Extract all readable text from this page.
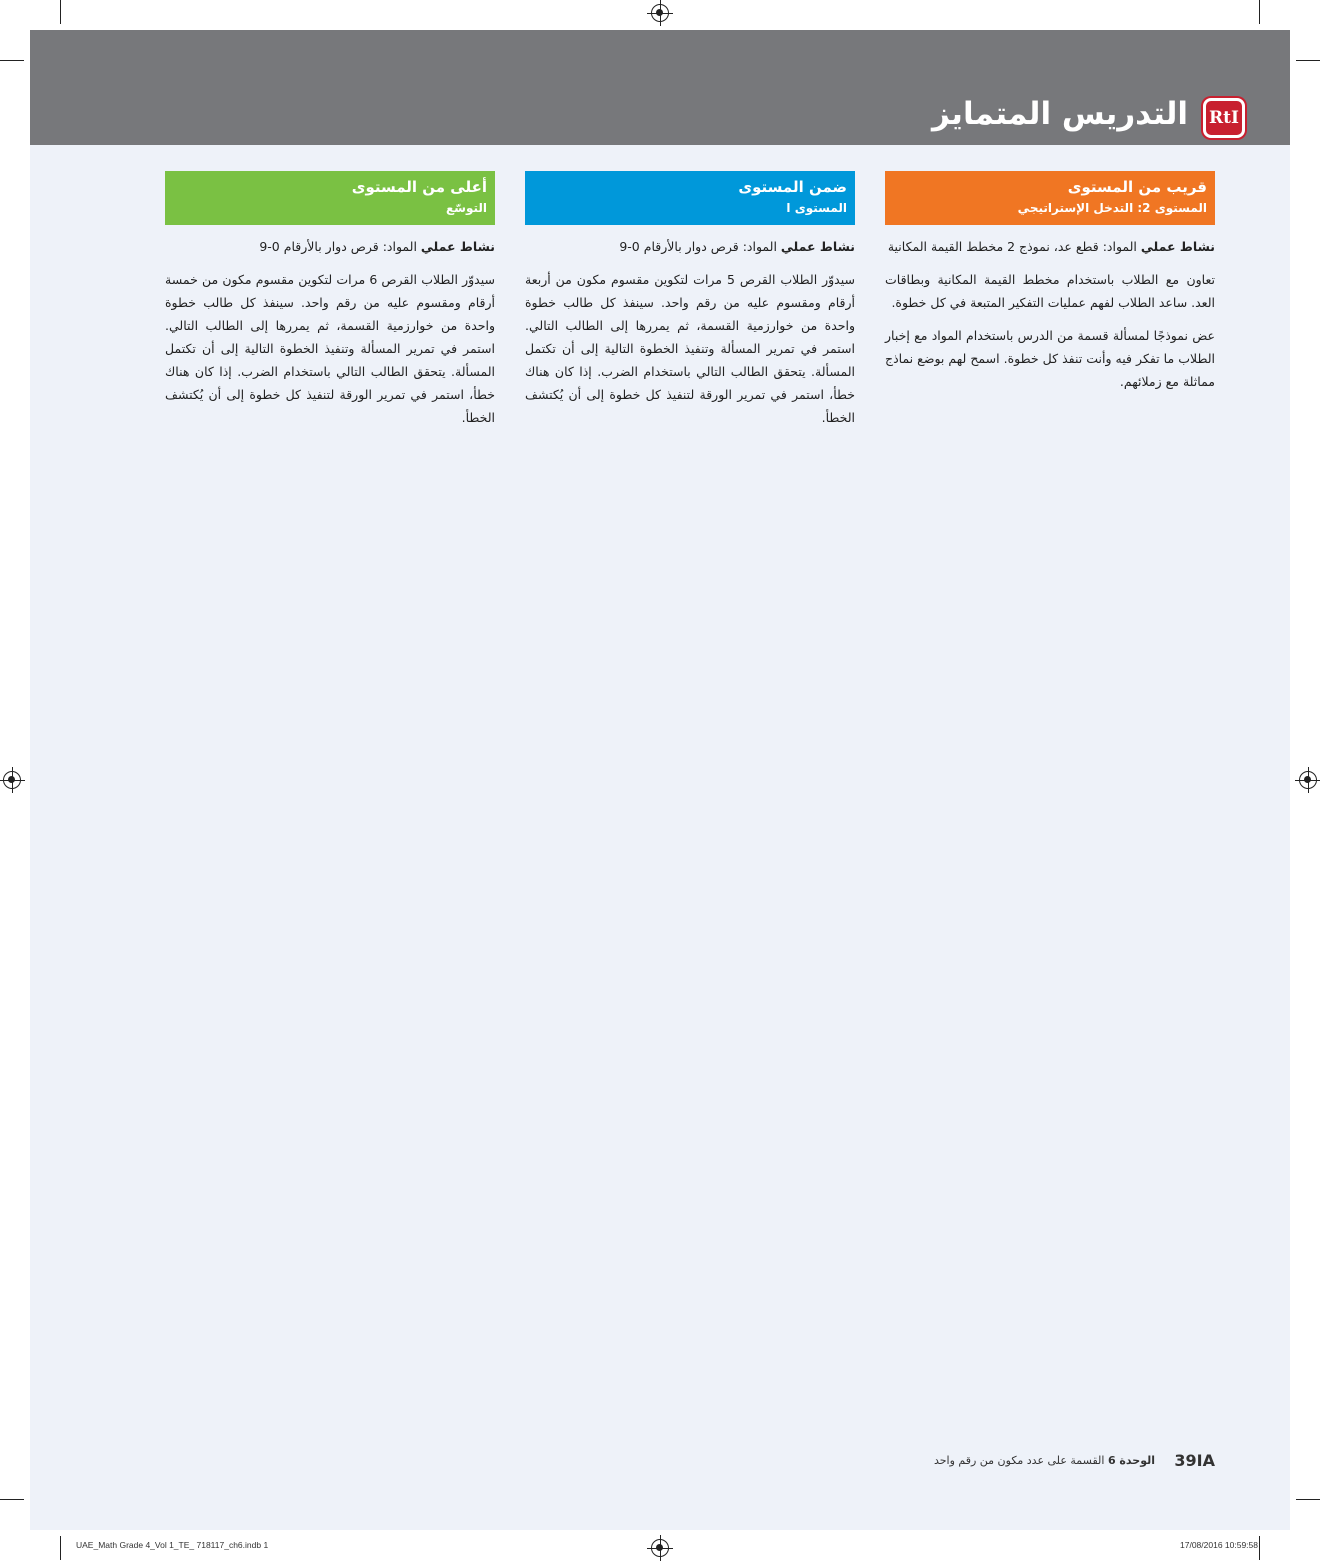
التدريس المتمايز	RtI
قريب من المستوى
المستوى 2: التدخل الإستراتيجي

نشاط عملي المواد: قطع عد، نموذج 2 مخطط القيمة المكانية

تعاون مع الطلاب باستخدام مخطط القيمة المكانية وبطاقات العد. ساعد الطلاب لفهم عمليات التفكير المتبعة في كل خطوة.

عض نموذجًا لمسألة قسمة من الدرس باستخدام المواد مع إخبار الطلاب ما تفكر فيه وأنت تنفذ كل خطوة. اسمح لهم بوضع نماذج مماثلة مع زملائهم.

ضمن المستوى
المستوى ا

نشاط عملي المواد: قرص دوار بالأرقام 0-9

سيدوّر الطلاب القرص 5 مرات لتكوين مقسوم مكون من أربعة أرقام ومقسوم عليه من رقم واحد. سينفذ كل طالب خطوة واحدة من خوارزمية القسمة، ثم يمررها إلى الطالب التالي. استمر في تمرير المسألة وتنفيذ الخطوة التالية إلى أن تكتمل المسألة. يتحقق الطالب التالي باستخدام الضرب. إذا كان هناك خطأ، استمر في تمرير الورقة لتنفيذ كل خطوة إلى أن يُكتشف الخطأ.

أعلى من المستوى
التوسّع

نشاط عملي المواد: قرص دوار بالأرقام 0-9

سيدوّر الطلاب القرص 6 مرات لتكوين مقسوم مكون من خمسة أرقام ومقسوم عليه من رقم واحد. سينفذ كل طالب خطوة واحدة من خوارزمية القسمة، ثم يمررها إلى الطالب التالي. استمر في تمرير المسألة وتنفيذ الخطوة التالية إلى أن تكتمل المسألة. يتحقق الطالب التالي باستخدام الضرب. إذا كان هناك خطأ، استمر في تمرير الورقة لتنفيذ كل خطوة إلى أن يُكتشف الخطأ.

39IA
الوحدة 6 القسمة على عدد مكون من رقم واحد
UAE_Math Grade 4_Vol 1_TE_ 718117_ch6.indb 1	17/08/2016 10:59:58
